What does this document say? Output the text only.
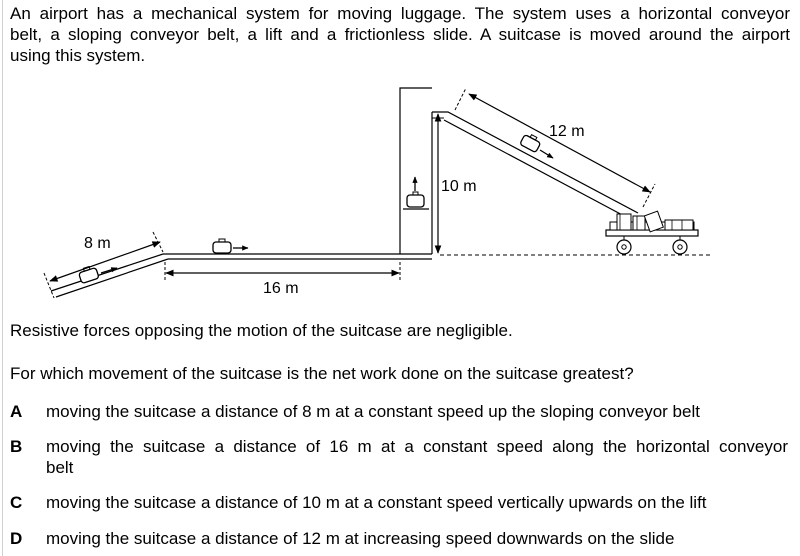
An airport has a mechanical system for moving luggage. The system uses a horizontal conveyor
belt, a sloping conveyor belt, a lift and a frictionless slide. A suitcase is moved around the airport
using this system.
8 m
16 m
10 m
12 m
Resistive forces opposing the motion of the suitcase are negligible.
For which movement of the suitcase is the net work done on the suitcase greatest?
A moving the suitcase a distance of 8 m at a constant speed up the sloping conveyor belt
B moving the suitcase a distance of 16 m at a constant speed along the horizontal conveyor
belt
C moving the suitcase a distance of 10 m at a constant speed vertically upwards on the lift
D moving the suitcase a distance of 12 m at increasing speed downwards on the slide
